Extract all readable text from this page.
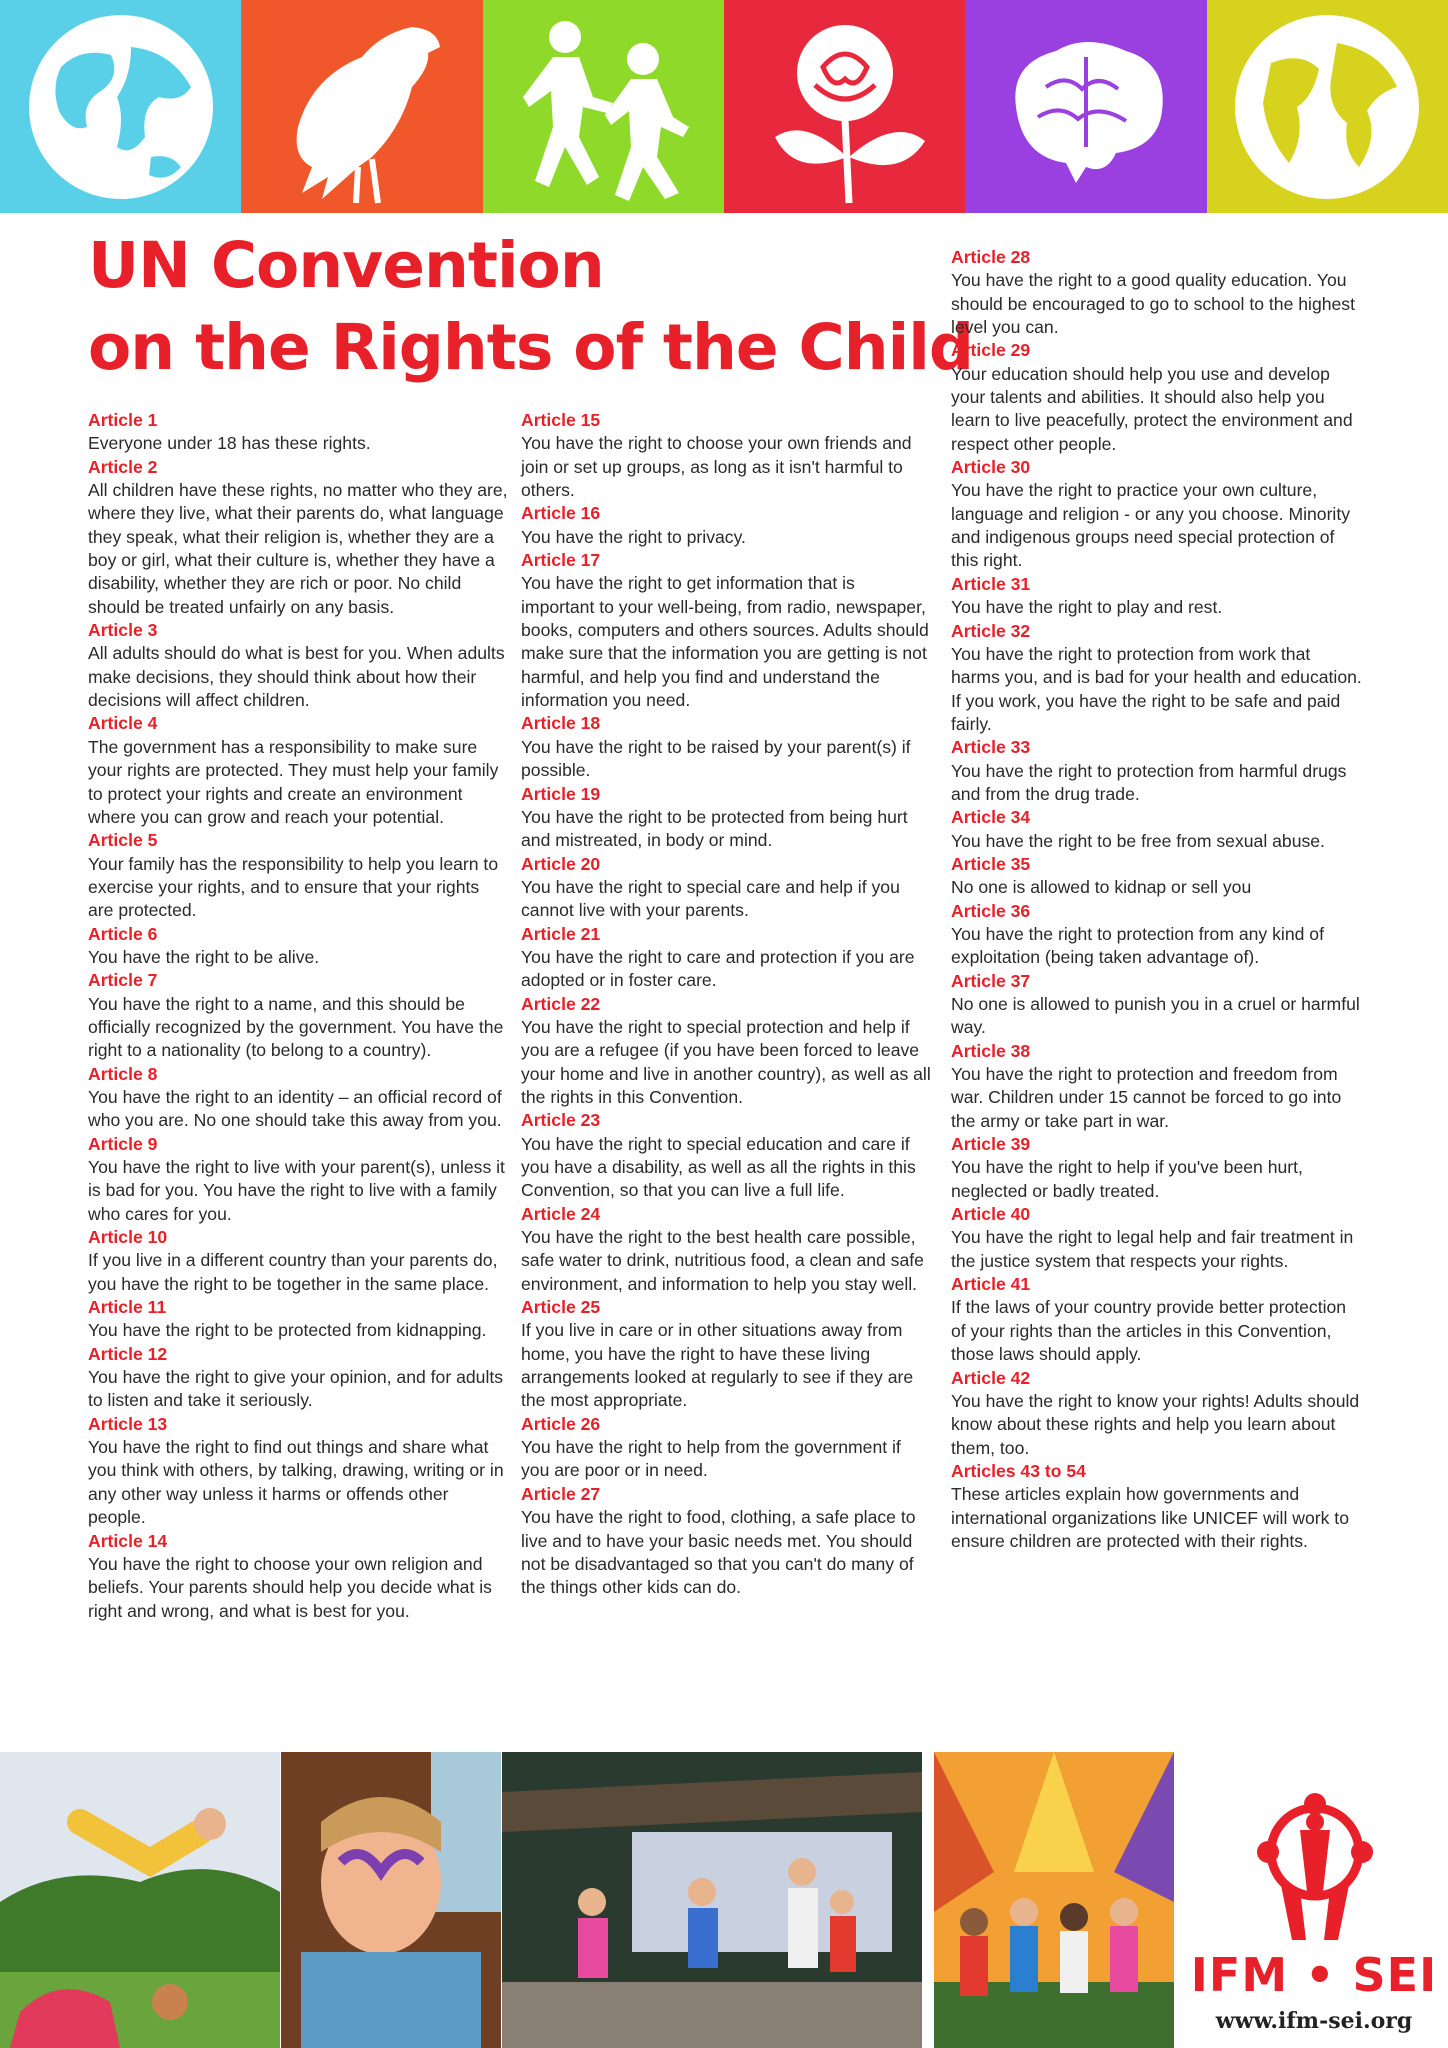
UN Convention
on the Rights of the Child
Article 1
Everyone under 18 has these rights.
Article 2
All children have these rights, no matter who they are, where they live, what their parents do, what language they speak, what their religion is, whether they are a boy or girl, what their culture is, whether they have a disability, whether they are rich or poor. No child should be treated unfairly on any basis.
Article 3
All adults should do what is best for you. When adults make decisions, they should think about how their decisions will affect children.
Article 4
The government has a responsibility to make sure your rights are protected. They must help your family to protect your rights and create an environment where you can grow and reach your potential.
Article 5
Your family has the responsibility to help you learn to exercise your rights, and to ensure that your rights are protected.
Article 6
You have the right to be alive.
Article 7
You have the right to a name, and this should be officially recognized by the government. You have the right to a nationality (to belong to a country).
Article 8
You have the right to an identity – an official record of who you are. No one should take this away from you.
Article 9
You have the right to live with your parent(s), unless it is bad for you. You have the right to live with a family who cares for you.
Article 10
If you live in a different country than your parents do, you have the right to be together in the same place.
Article 11
You have the right to be protected from kidnapping.
Article 12
You have the right to give your opinion, and for adults to listen and take it seriously.
Article 13
You have the right to find out things and share what you think with others, by talking, drawing, writing or in any other way unless it harms or offends other people.
Article 14
You have the right to choose your own religion and beliefs. Your parents should help you decide what is right and wrong, and what is best for you.
Article 15
You have the right to choose your own friends and join or set up groups, as long as it isn't harmful to others.
Article 16
You have the right to privacy.
Article 17
You have the right to get information that is important to your well-being, from radio, newspaper, books, computers and others sources. Adults should make sure that the information you are getting is not harmful, and help you find and understand the information you need.
Article 18
You have the right to be raised by your parent(s) if possible.
Article 19
You have the right to be protected from being hurt and mistreated, in body or mind.
Article 20
You have the right to special care and help if you cannot live with your parents.
Article 21
You have the right to care and protection if you are adopted or in foster care.
Article 22
You have the right to special protection and help if you are a refugee (if you have been forced to leave your home and live in another country), as well as all the rights in this Convention.
Article 23
You have the right to special education and care if you have a disability, as well as all the rights in this Convention, so that you can live a full life.
Article 24
You have the right to the best health care possible, safe water to drink, nutritious food, a clean and safe environment, and information to help you stay well.
Article 25
If you live in care or in other situations away from home, you have the right to have these living arrangements looked at regularly to see if they are the most appropriate.
Article 26
You have the right to help from the government if you are poor or in need.
Article 27
You have the right to food, clothing, a safe place to live and to have your basic needs met. You should not be disadvantaged so that you can't do many of the things other kids can do.
Article 28
You have the right to a good quality education. You should be encouraged to go to school to the highest level you can.
Article 29
Your education should help you use and develop your talents and abilities. It should also help you learn to live peacefully, protect the environment and respect other people.
Article 30
You have the right to practice your own culture, language and religion - or any you choose. Minority and indigenous groups need special protection of this right.
Article 31
You have the right to play and rest.
Article 32
You have the right to protection from work that harms you, and is bad for your health and education. If you work, you have the right to be safe and paid fairly.
Article 33
You have the right to protection from harmful drugs and from the drug trade.
Article 34
You have the right to be free from sexual abuse.
Article 35
No one is allowed to kidnap or sell you
Article 36
You have the right to protection from any kind of exploitation (being taken advantage of).
Article 37
No one is allowed to punish you in a cruel or harmful way.
Article 38
You have the right to protection and freedom from war. Children under 15 cannot be forced to go into the army or take part in war.
Article 39
You have the right to help if you've been hurt, neglected or badly treated.
Article 40
You have the right to legal help and fair treatment in the justice system that respects your rights.
Article 41
If the laws of your country provide better protection of your rights than the articles in this Convention, those laws should apply.
Article 42
You have the right to know your rights! Adults should know about these rights and help you learn about them, too.
Articles 43 to 54
These articles explain how governments and international organizations like UNICEF will work to ensure children are protected with their rights.
IFM • SEI
www.ifm-sei.org
